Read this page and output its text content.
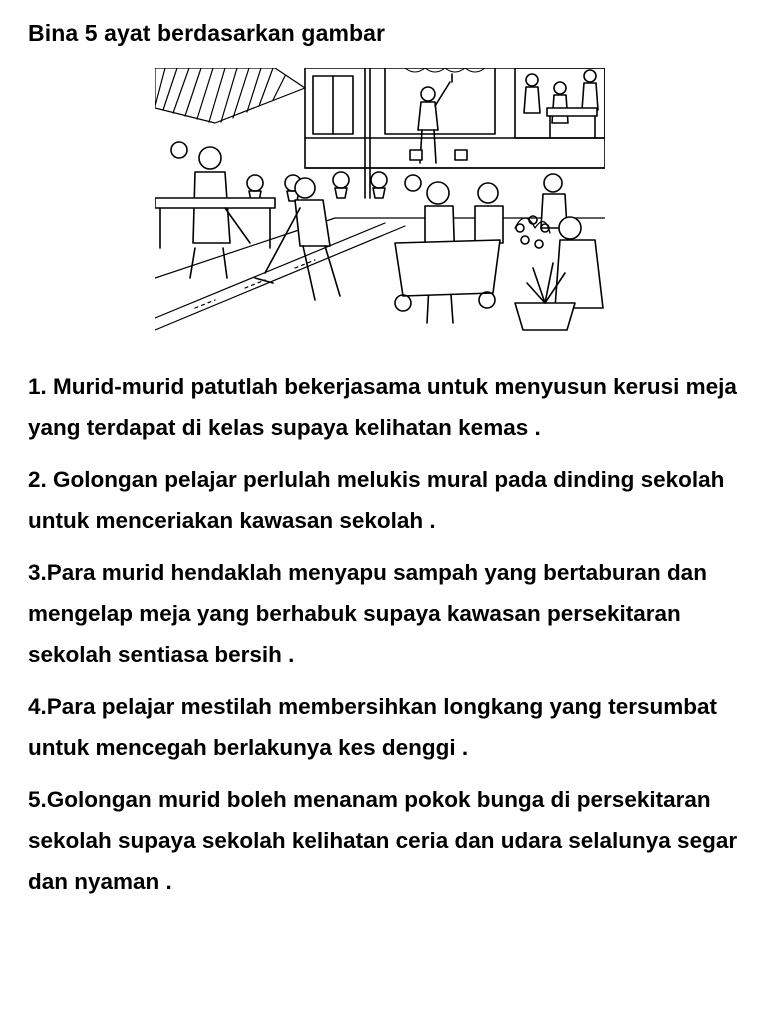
Bina 5 ayat berdasarkan gambar
1. Murid-murid patutlah bekerjasama untuk menyusun kerusi meja yang terdapat di kelas supaya kelihatan kemas .
2. Golongan pelajar perlulah melukis mural pada dinding sekolah untuk menceriakan kawasan sekolah .
3.Para murid hendaklah menyapu sampah yang bertaburan dan mengelap meja yang berhabuk supaya kawasan persekitaran sekolah sentiasa bersih .
4.Para pelajar mestilah membersihkan longkang yang tersumbat untuk mencegah berlakunya kes denggi .
5.Golongan murid boleh menanam pokok bunga di persekitaran sekolah supaya sekolah kelihatan ceria dan udara selalunya segar dan nyaman .
